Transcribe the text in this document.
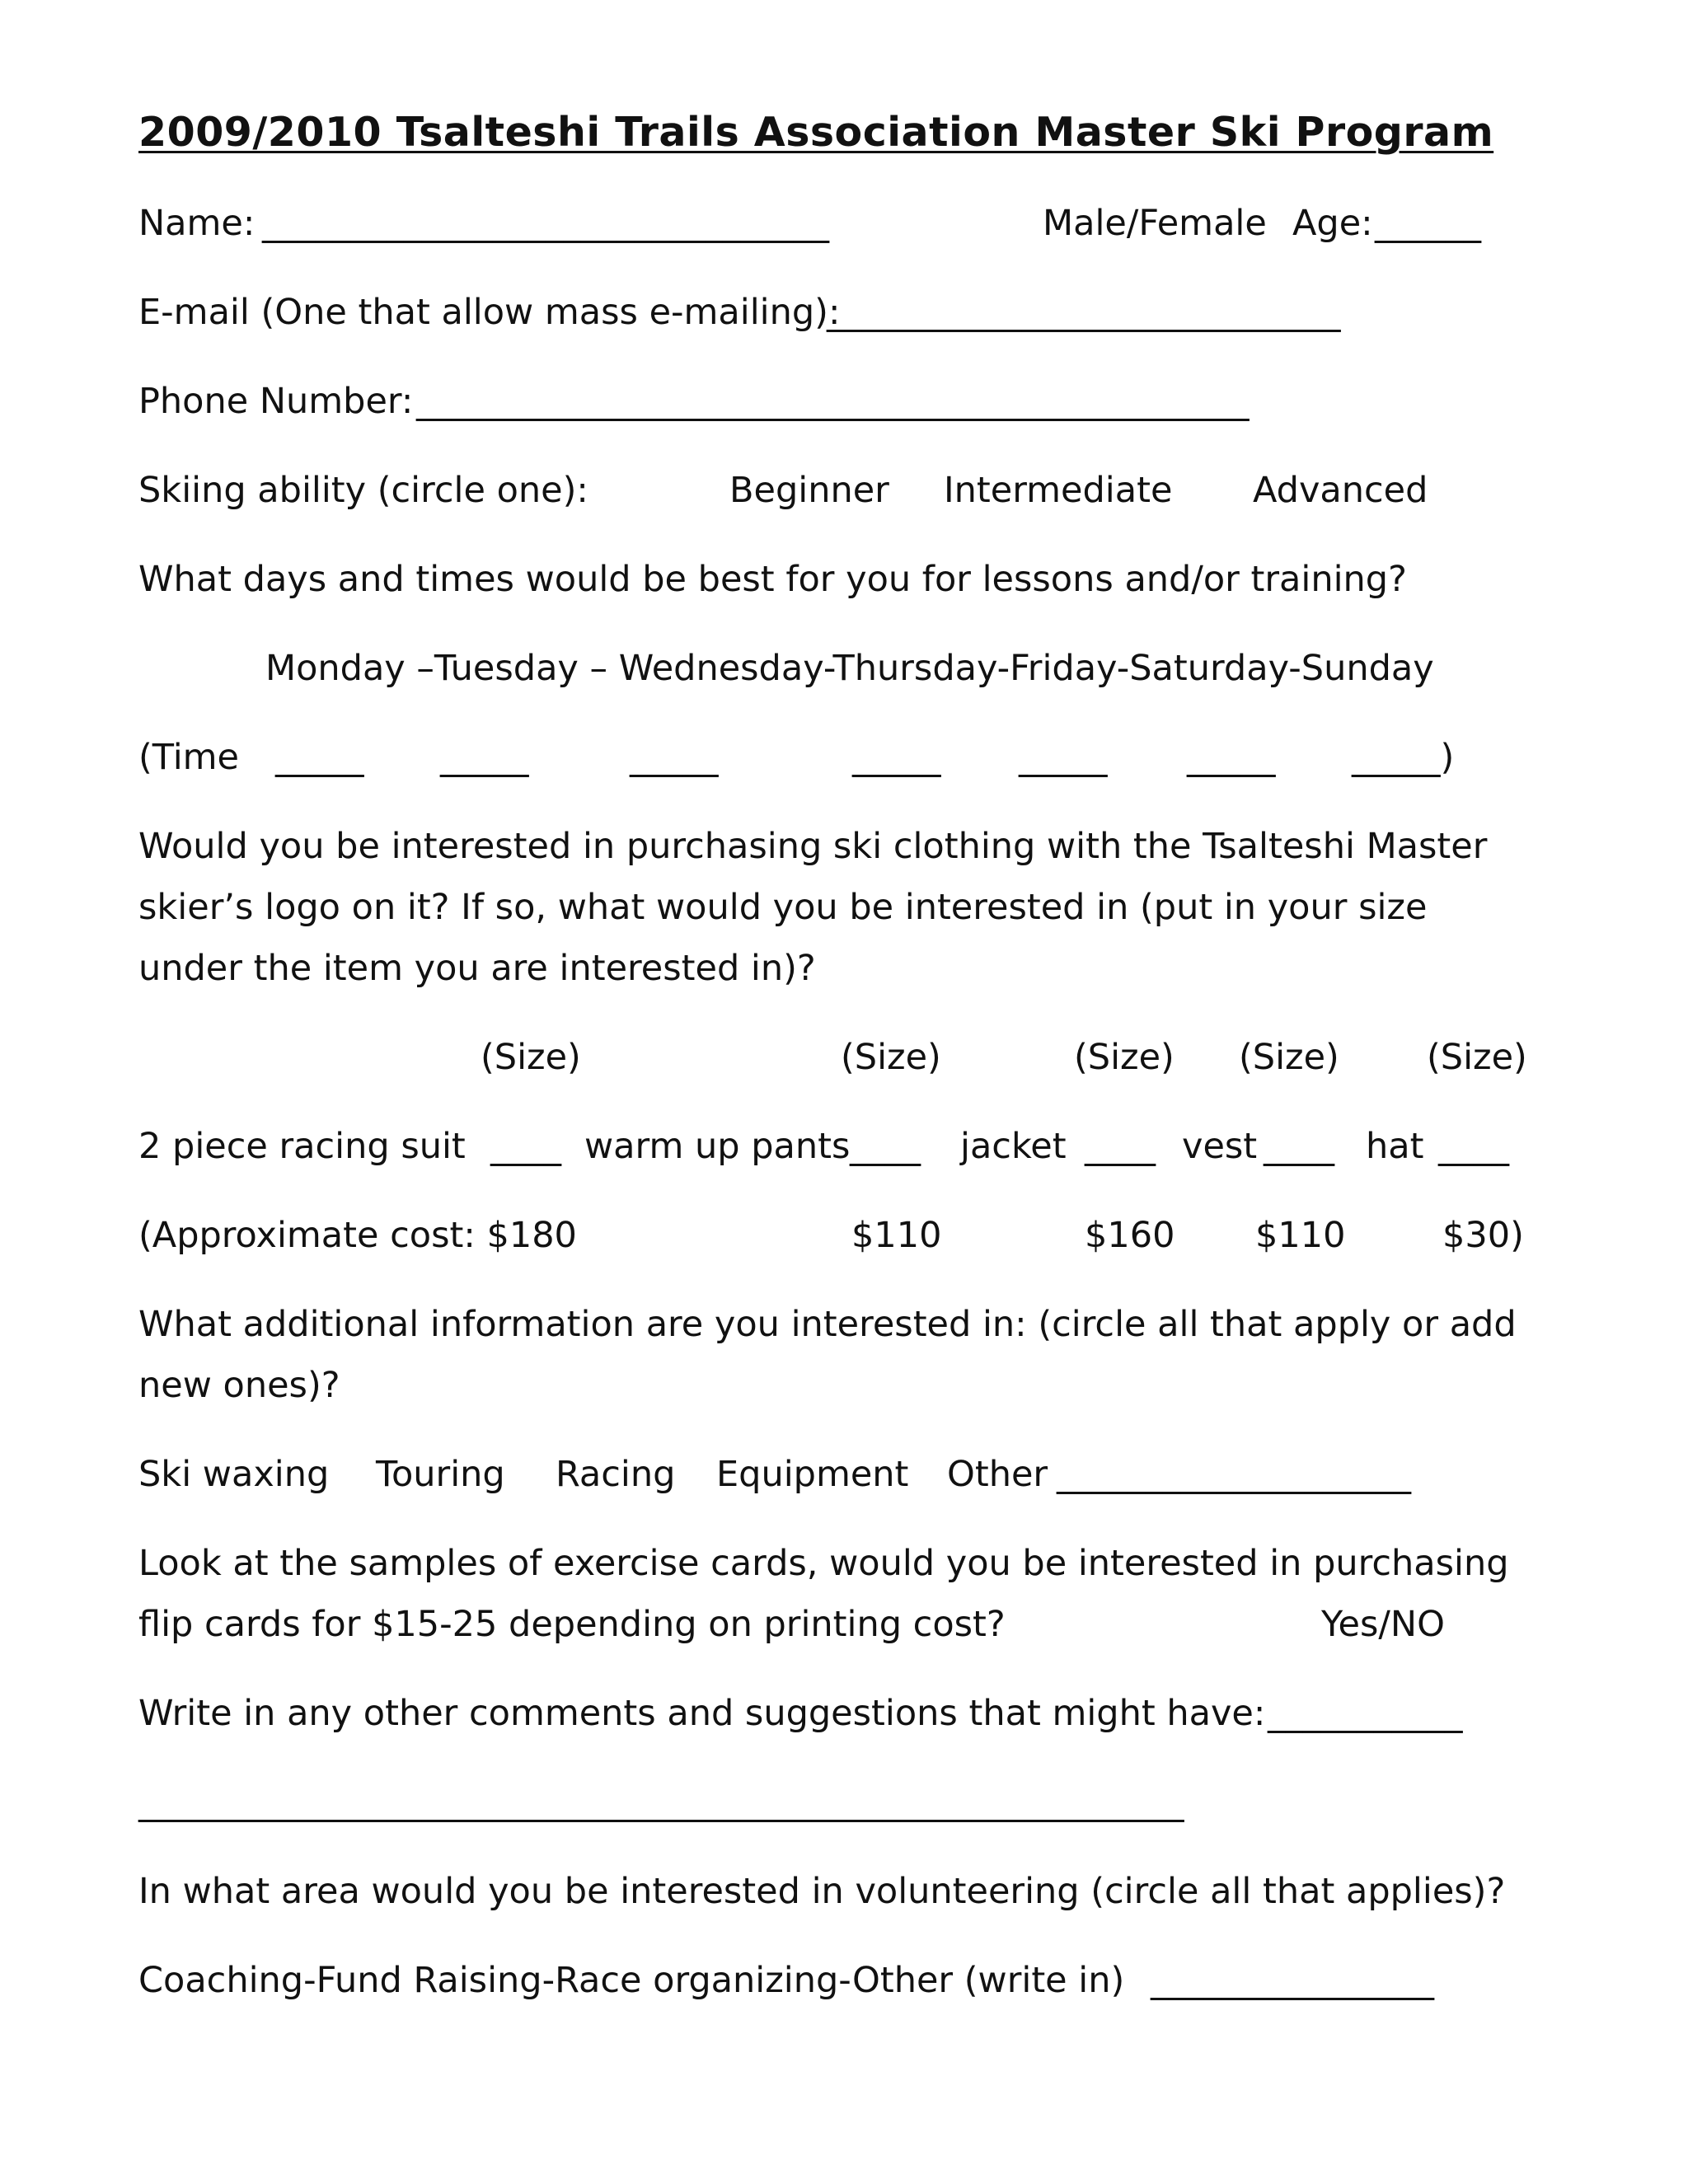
2009/2010 Tsalteshi Trails Association Master Ski Program
Name: ________________________________	Male/Female Age: ______
E-mail (One that allow mass e-mailing):
_____________________________
Phone Number: _______________________________________________
Skiing ability (circle one):	Beginner Intermediate Advanced
What days and times would be best for you for lessons and/or training?
Monday –Tuesday – Wednesday-Thursday-Friday-Saturday-Sunday
(Time _____ _____	_____	_____ _____ _____ _____)
Would you be interested in purchasing ski clothing with the Tsalteshi Master
skier’s logo on it? If so, what would you be interested in (put in your size
under the item you are interested in)?
(Size)	(Size)	(Size) (Size) (Size)
2 piece racing suit ____ warm up pants ____ jacket ____ vest ____ hat ____
(Approximate cost: $180	$110	$160 $110	$30)
What additional information are you interested in: (circle all that apply or add
new ones)?
Ski waxing Touring Racing Equipment Other ____________________
Look at the samples of exercise cards, would you be interested in purchasing
flip cards for $15-25 depending on printing cost?	Yes/NO
Write in any other comments and suggestions that might have: ___________
___________________________________________________________
In what area would you be interested in volunteering (circle all that applies)?
Coaching-Fund Raising-Race organizing-Other (write in) ________________
